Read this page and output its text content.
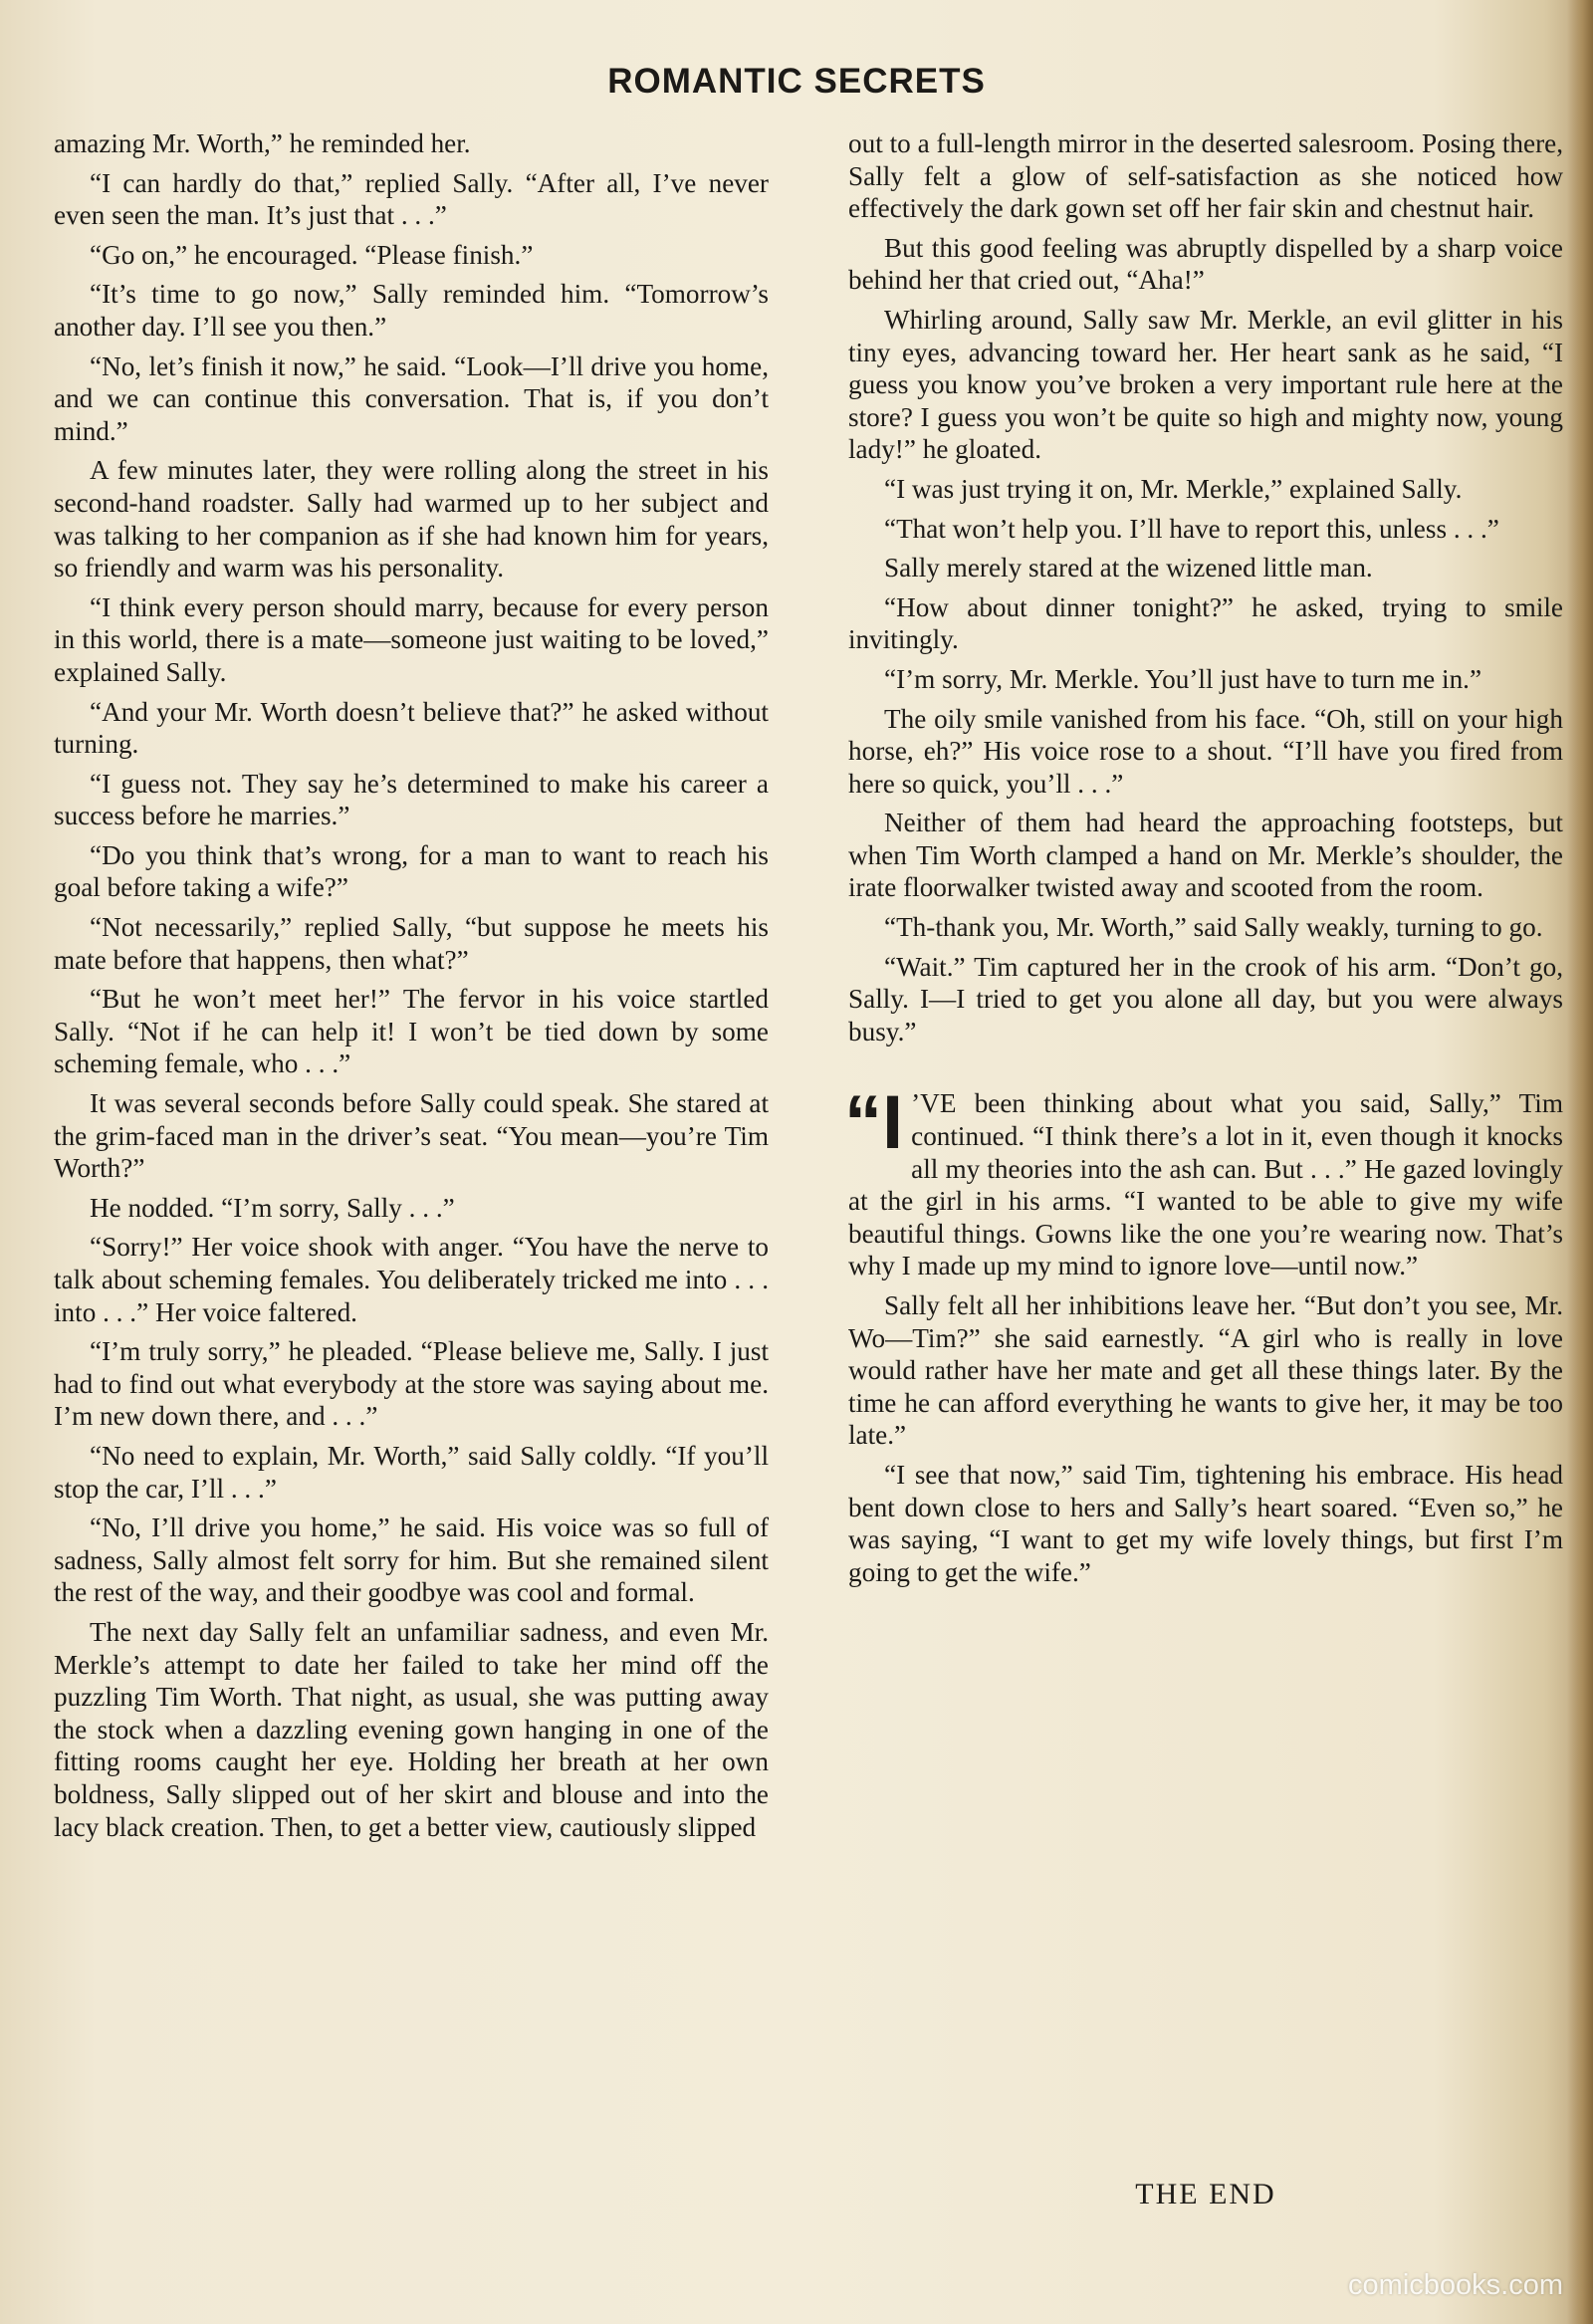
ROMANTIC SECRETS

amazing Mr. Worth,” he reminded her.

“I can hardly do that,” replied Sally. “After all, I’ve never even seen the man. It’s just that . . .”

“Go on,” he encouraged. “Please finish.”

“It’s time to go now,” Sally reminded him. “Tomorrow’s another day. I’ll see you then.”

“No, let’s finish it now,” he said. “Look—I’ll drive you home, and we can continue this conversation. That is, if you don’t mind.”

A few minutes later, they were rolling along the street in his second-hand roadster. Sally had warmed up to her subject and was talking to her companion as if she had known him for years, so friendly and warm was his personality.

“I think every person should marry, because for every person in this world, there is a mate—someone just waiting to be loved,” explained Sally.

“And your Mr. Worth doesn’t believe that?” he asked without turning.

“I guess not. They say he’s determined to make his career a success before he marries.”

“Do you think that’s wrong, for a man to want to reach his goal before taking a wife?”

“Not necessarily,” replied Sally, “but suppose he meets his mate before that happens, then what?”

“But he won’t meet her!” The fervor in his voice startled Sally. “Not if he can help it! I won’t be tied down by some scheming female, who . . .”

It was several seconds before Sally could speak. She stared at the grim-faced man in the driver’s seat. “You mean—you’re Tim Worth?”

He nodded. “I’m sorry, Sally . . .”

“Sorry!” Her voice shook with anger. “You have the nerve to talk about scheming females. You deliberately tricked me into . . . into . . .” Her voice faltered.

“I’m truly sorry,” he pleaded. “Please believe me, Sally. I just had to find out what everybody at the store was saying about me. I’m new down there, and . . .”

“No need to explain, Mr. Worth,” said Sally coldly. “If you’ll stop the car, I’ll . . .”

“No, I’ll drive you home,” he said. His voice was so full of sadness, Sally almost felt sorry for him. But she remained silent the rest of the way, and their goodbye was cool and formal.

The next day Sally felt an unfamiliar sadness, and even Mr. Merkle’s attempt to date her failed to take her mind off the puzzling Tim Worth. That night, as usual, she was putting away the stock when a dazzling evening gown hanging in one of the fitting rooms caught her eye. Holding her breath at her own boldness, Sally slipped out of her skirt and blouse and into the lacy black creation. Then, to get a better view, cautiously slipped

out to a full-length mirror in the deserted salesroom. Posing there, Sally felt a glow of self-satisfaction as she noticed how effectively the dark gown set off her fair skin and chestnut hair.

But this good feeling was abruptly dispelled by a sharp voice behind her that cried out, “Aha!”

Whirling around, Sally saw Mr. Merkle, an evil glitter in his tiny eyes, advancing toward her. Her heart sank as he said, “I guess you know you’ve broken a very important rule here at the store? I guess you won’t be quite so high and mighty now, young lady!” he gloated.

“I was just trying it on, Mr. Merkle,” explained Sally.

“That won’t help you. I’ll have to report this, unless . . .”

Sally merely stared at the wizened little man.

“How about dinner tonight?” he asked, trying to smile invitingly.

“I’m sorry, Mr. Merkle. You’ll just have to turn me in.”

The oily smile vanished from his face. “Oh, still on your high horse, eh?” His voice rose to a shout. “I’ll have you fired from here so quick, you’ll . . .”

Neither of them had heard the approaching footsteps, but when Tim Worth clamped a hand on Mr. Merkle’s shoulder, the irate floorwalker twisted away and scooted from the room.

“Th-thank you, Mr. Worth,” said Sally weakly, turning to go.

“Wait.” Tim captured her in the crook of his arm. “Don’t go, Sally. I—I tried to get you alone all day, but you were always busy.”

“I ’VE been thinking about what you said, Sally,” Tim continued. “I think there’s a lot in it, even though it knocks all my theories into the ash can. But . . .” He gazed lovingly at the girl in his arms. “I wanted to be able to give my wife beautiful things. Gowns like the one you’re wearing now. That’s why I made up my mind to ignore love—until now.”

Sally felt all her inhibitions leave her. “But don’t you see, Mr. Wo—Tim?” she said earnestly. “A girl who is really in love would rather have her mate and get all these things later. By the time he can afford everything he wants to give her, it may be too late.”

“I see that now,” said Tim, tightening his embrace. His head bent down close to hers and Sally’s heart soared. “Even so,” he was saying, “I want to get my wife lovely things, but first I’m going to get the wife.”

THE END
comicbooks.com
